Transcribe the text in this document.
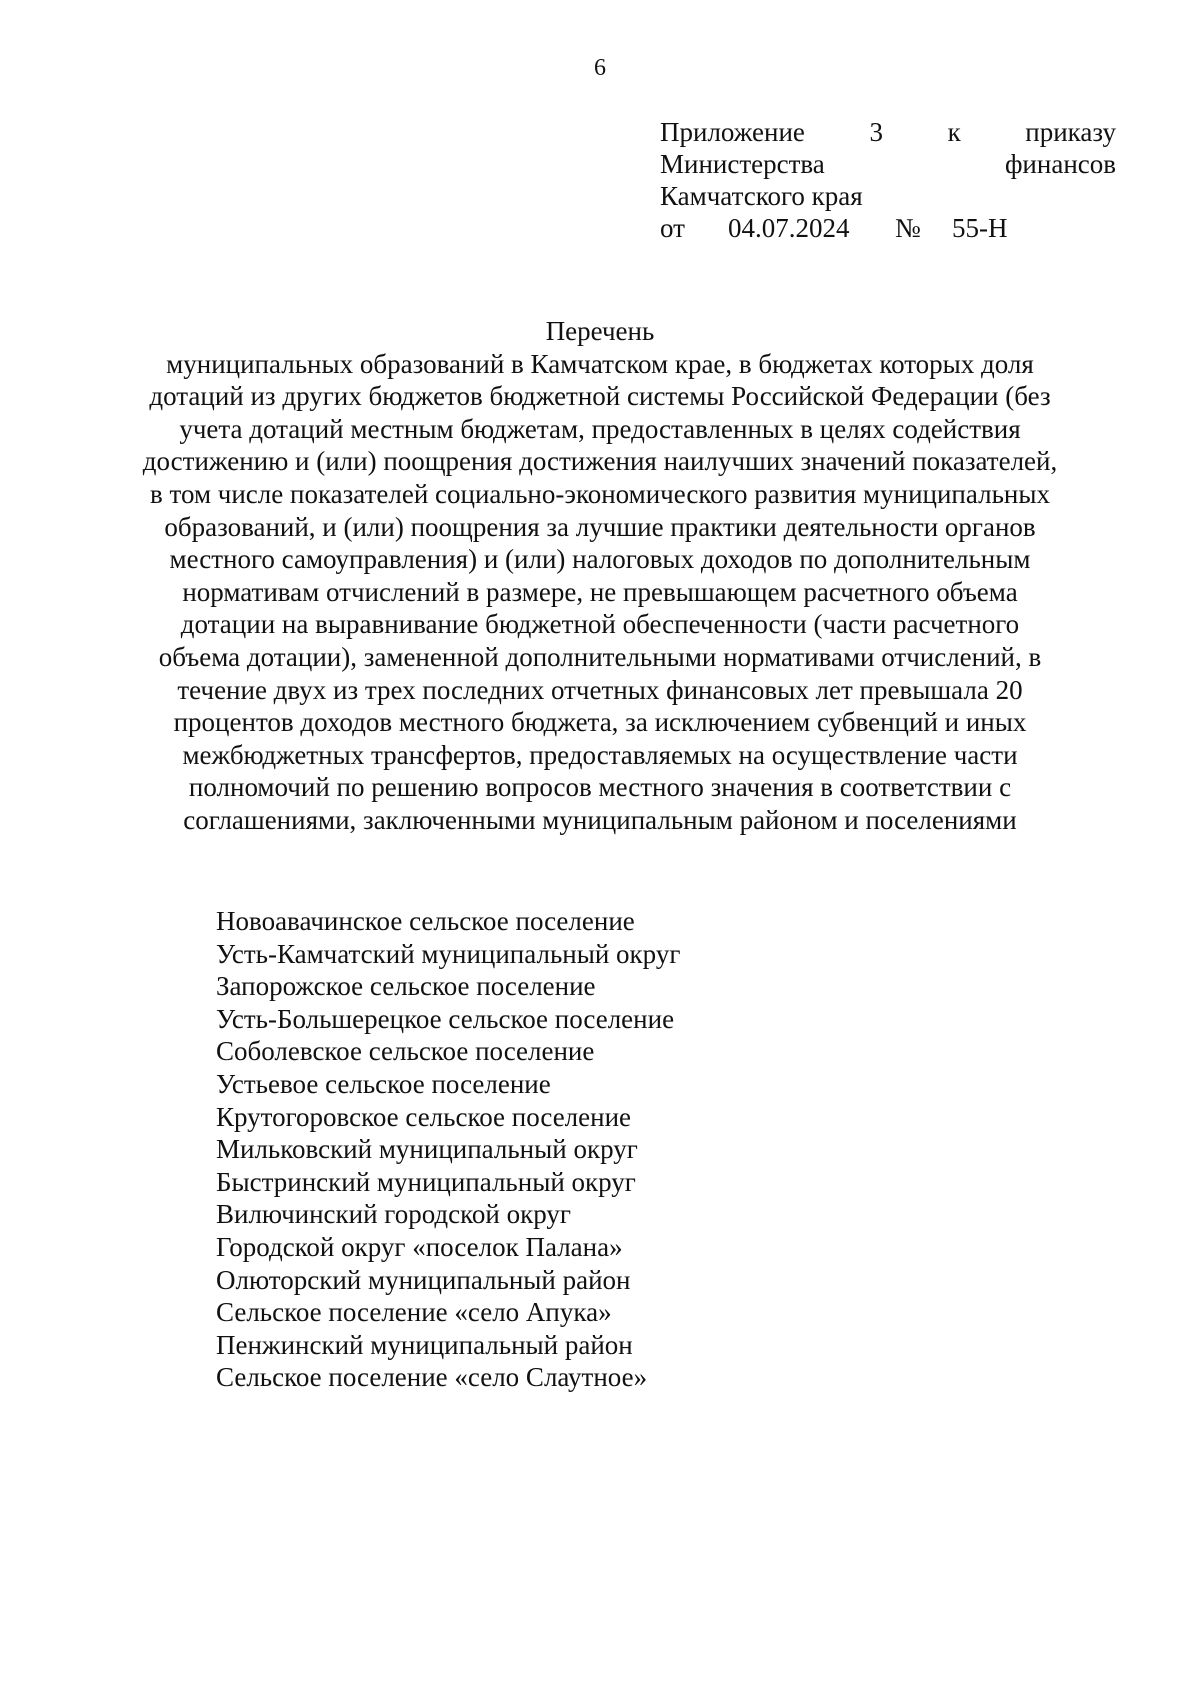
6
Приложение 3 к приказу
Министерства	финансов
Камчатского края
от	04.07.2024	№	55-Н
Перечень
муниципальных образований в Камчатском крае, в бюджетах которых доля
дотаций из других бюджетов бюджетной системы Российской Федерации (без
учета дотаций местным бюджетам, предоставленных в целях содействия
достижению и (или) поощрения достижения наилучших значений показателей,
в том числе показателей социально-экономического развития муниципальных
образований, и (или) поощрения за лучшие практики деятельности органов
местного самоуправления) и (или) налоговых доходов по дополнительным
нормативам отчислений в размере, не превышающем расчетного объема
дотации на выравнивание бюджетной обеспеченности (части расчетного
объема дотации), замененной дополнительными нормативами отчислений, в
течение двух из трех последних отчетных финансовых лет превышала 20
процентов доходов местного бюджета, за исключением субвенций и иных
межбюджетных трансфертов, предоставляемых на осуществление части
полномочий по решению вопросов местного значения в соответствии с
соглашениями, заключенными муниципальным районом и поселениями
Новоавачинское сельское поселение
Усть-Камчатский муниципальный округ
Запорожское сельское поселение
Усть-Большерецкое сельское поселение
Соболевское сельское поселение
Устьевое сельское поселение
Крутогоровское сельское поселение
Мильковский муниципальный округ
Быстринский муниципальный округ
Вилючинский городской округ
Городской округ «поселок Палана»
Олюторский муниципальный район
Сельское поселение «село Апука»
Пенжинский муниципальный район
Сельское поселение «село Слаутное»
